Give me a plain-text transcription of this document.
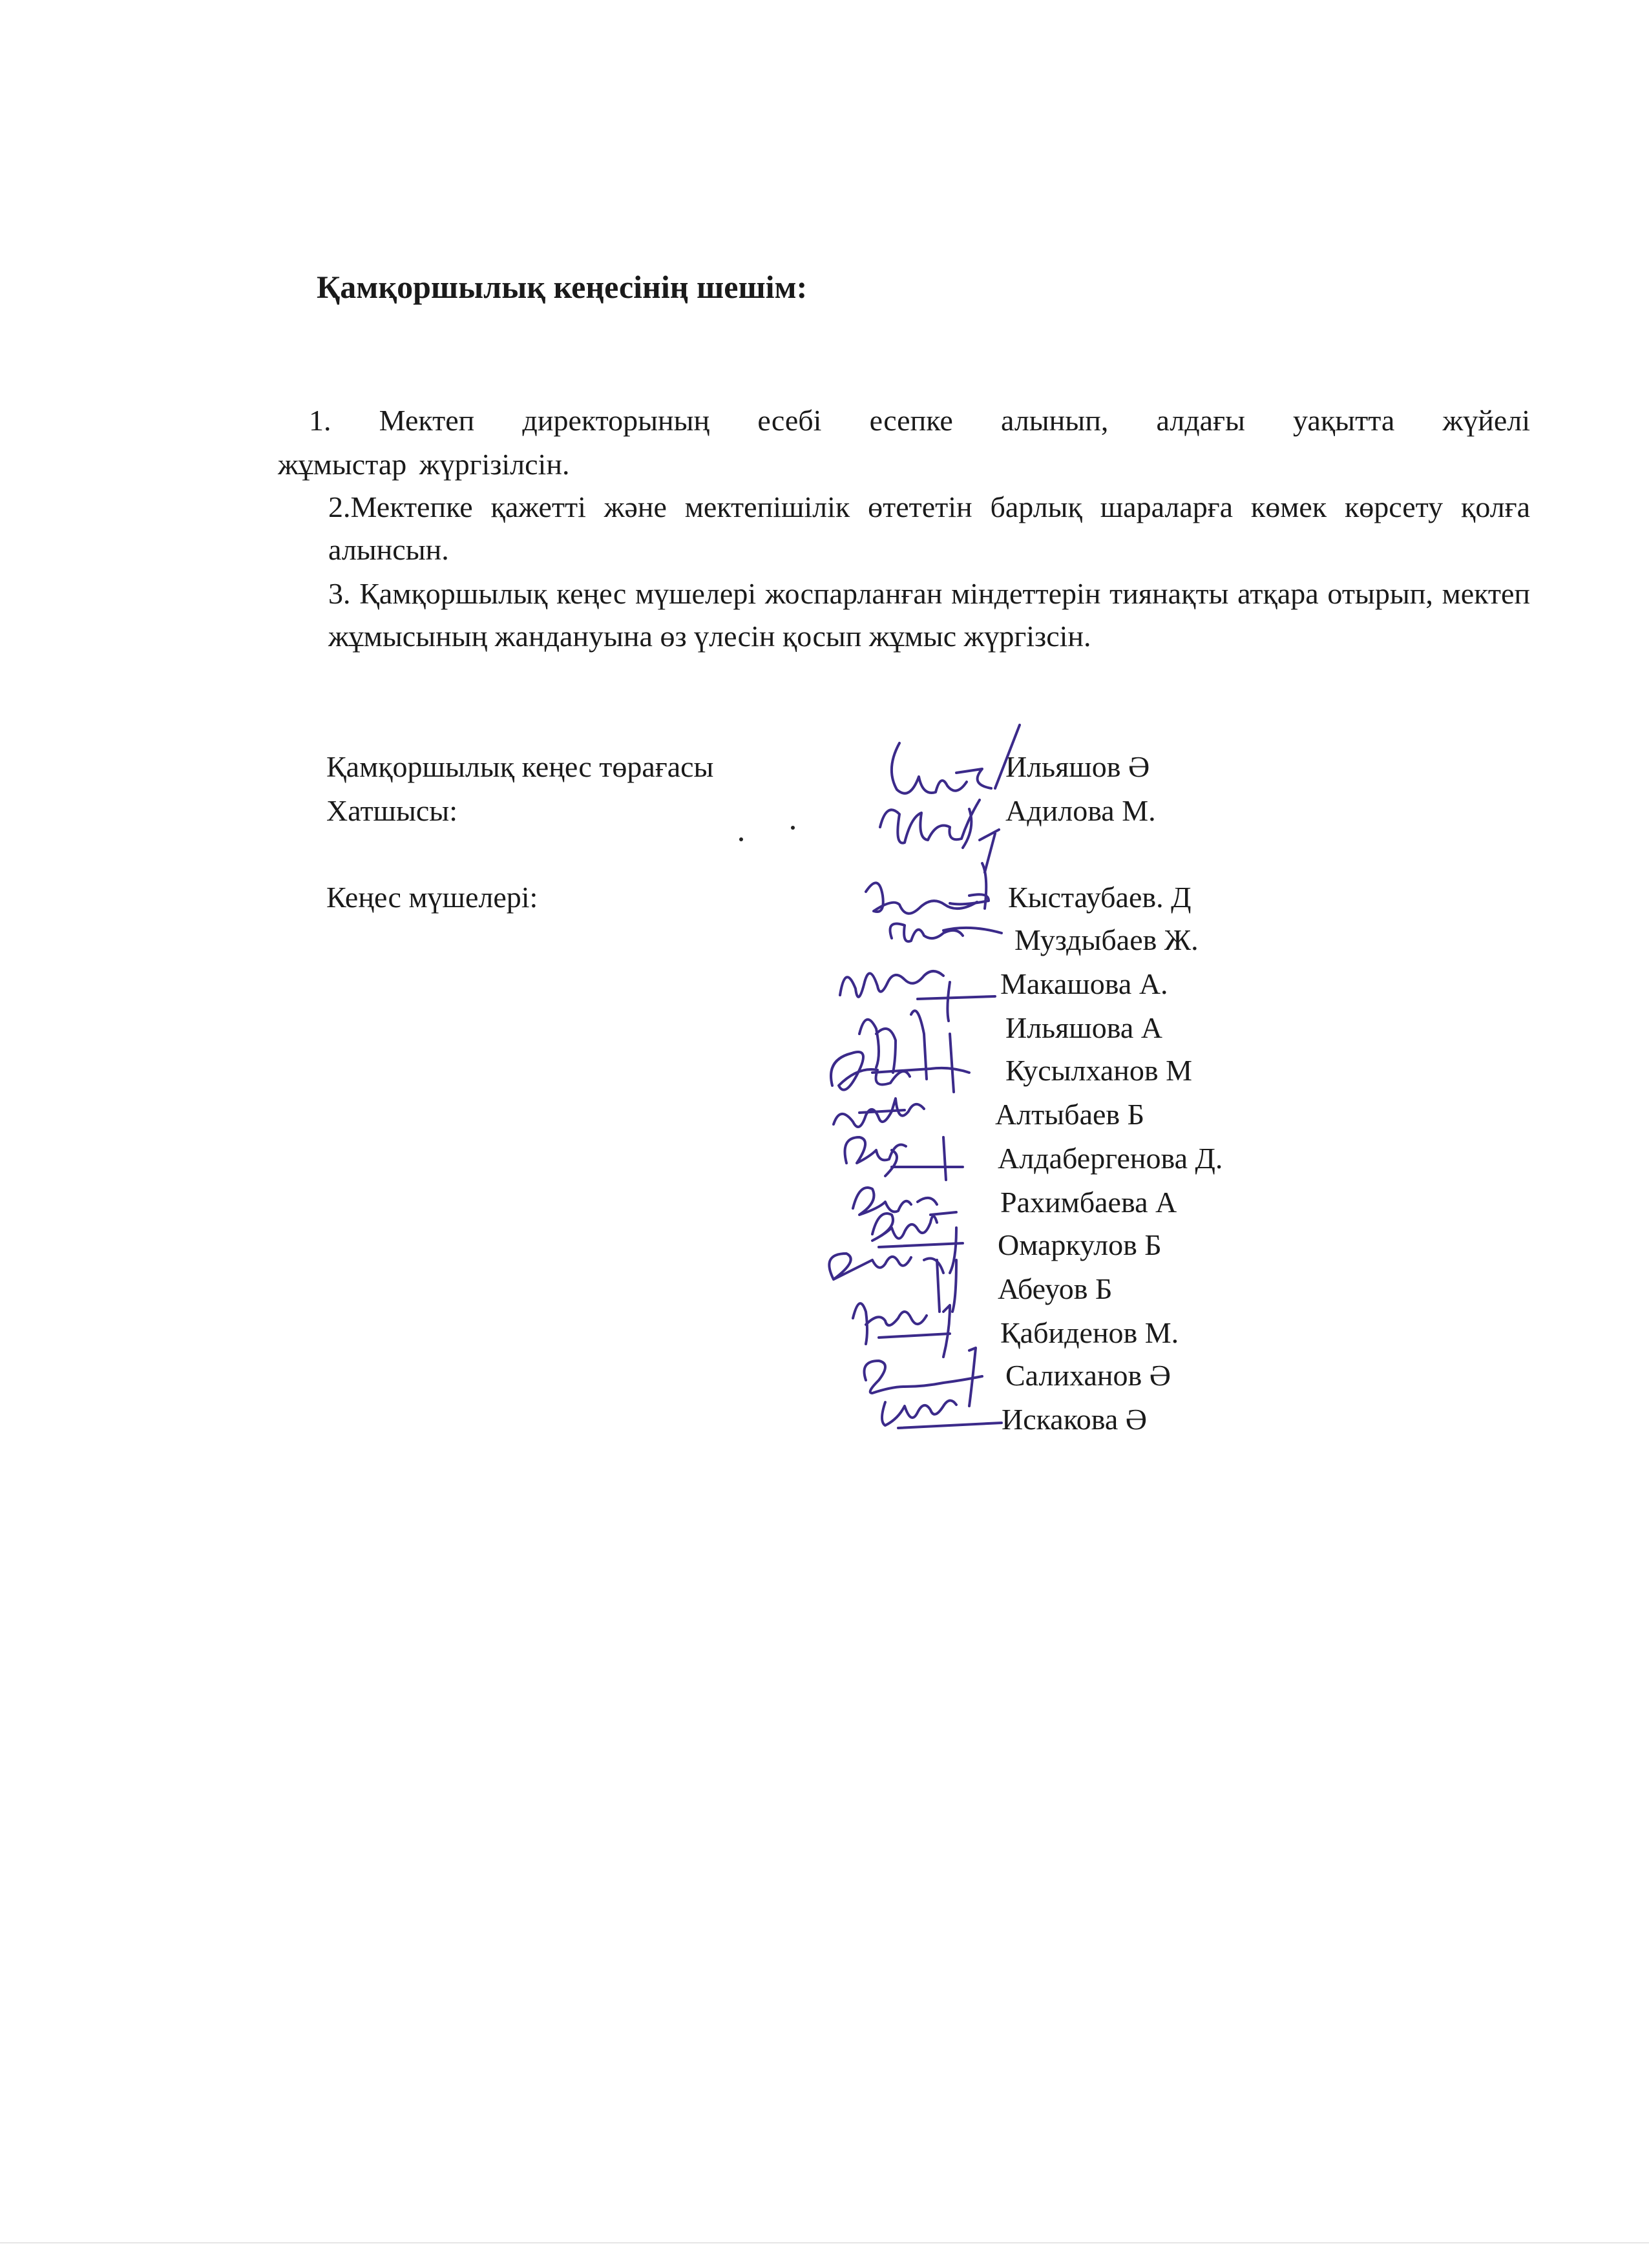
Қамқоршылық кеңесінің шешім:

1. Мектеп директорының есебі есепке алынып, алдағы уақытта жүйелі

жұмыстар жүргізілсін.

2.Мектепке қажетті және мектепішілік өтететін барлық шараларға көмек көрсету қолға алынсын.

3. Қамқоршылық кеңес мүшелері жоспарланған міндеттерін тиянақты атқара отырып, мектеп жұмысының жандануына өз үлесін қосып жұмыс жүргізсін.

Қамқоршылық кеңес төрағасы	Ильяшов Ә

Хатшысы:	Адилова М.

Кеңес мүшелері:	Кыстаубаев. Д

Муздыбаев Ж.

Макашова А.

Ильяшова А

Кусылханов М

Алтыбаев Б

Алдабергенова Д.

Рахимбаева А

Омаркулов Б

Абеуов Б

Қабиденов М.

Салиханов Ә

Искакова Ә
